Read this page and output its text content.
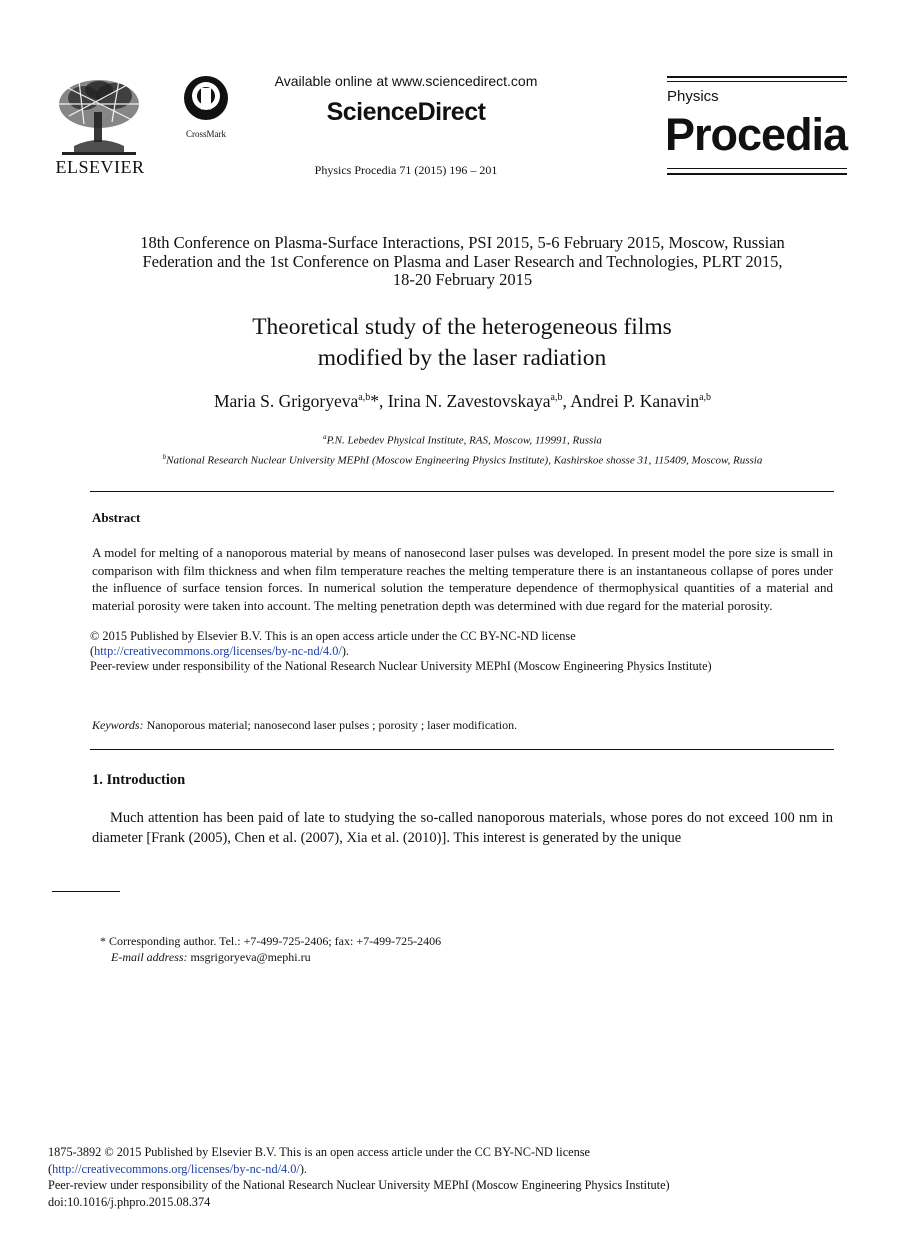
ELSEVIER
CrossMark
Available online at www.sciencedirect.com
ScienceDirect
Physics Procedia 71 (2015) 196 – 201
Physics
Procedia
18th Conference on Plasma-Surface Interactions, PSI 2015, 5-6 February 2015, Moscow, Russian
Federation and the 1st Conference on Plasma and Laser Research and Technologies, PLRT 2015,
18-20 February 2015
Theoretical study of the heterogeneous films
modified by the laser radiation
Maria S. Grigoryeva$^{a,b}$*, Irina N. Zavestovskaya$^{a,b}$, Andrei P. Kanavin$^{a,b}$
$^a$P.N. Lebedev Physical Institute, RAS, Moscow, 119991, Russia
$^b$National Research Nuclear University MEPhI (Moscow Engineering Physics Institute), Kashirskoe shosse 31, 115409, Moscow, Russia
Abstract
A model for melting of a nanoporous material by means of nanosecond laser pulses was developed. In present model the pore size is small in comparison with film thickness and when film temperature reaches the melting temperature there is an instantaneous collapse of pores under the influence of surface tension forces. In numerical solution the temperature dependence of thermophysical quantities of a material and material porosity were taken into account. The melting penetration depth was determined with due regard for the material porosity.
© 2015 Published by Elsevier B.V. This is an open access article under the CC BY-NC-ND license
(http://creativecommons.org/licenses/by-nc-nd/4.0/).
Peer-review under responsibility of the National Research Nuclear University MEPhI (Moscow Engineering Physics Institute)
Keywords: Nanoporous material; nanosecond laser pulses ; porosity ; laser modification.
1. Introduction
Much attention has been paid of late to studying the so-called nanoporous materials, whose pores do not exceed 100 nm in diameter [Frank (2005), Chen et al. (2007), Xia et al. (2010)]. This interest is generated by the unique
* Corresponding author. Tel.: +7-499-725-2406; fax: +7-499-725-2406
E-mail address: msgrigoryeva@mephi.ru
1875-3892 © 2015 Published by Elsevier B.V. This is an open access article under the CC BY-NC-ND license
(http://creativecommons.org/licenses/by-nc-nd/4.0/).
Peer-review under responsibility of the National Research Nuclear University MEPhI (Moscow Engineering Physics Institute)
doi:10.1016/j.phpro.2015.08.374
